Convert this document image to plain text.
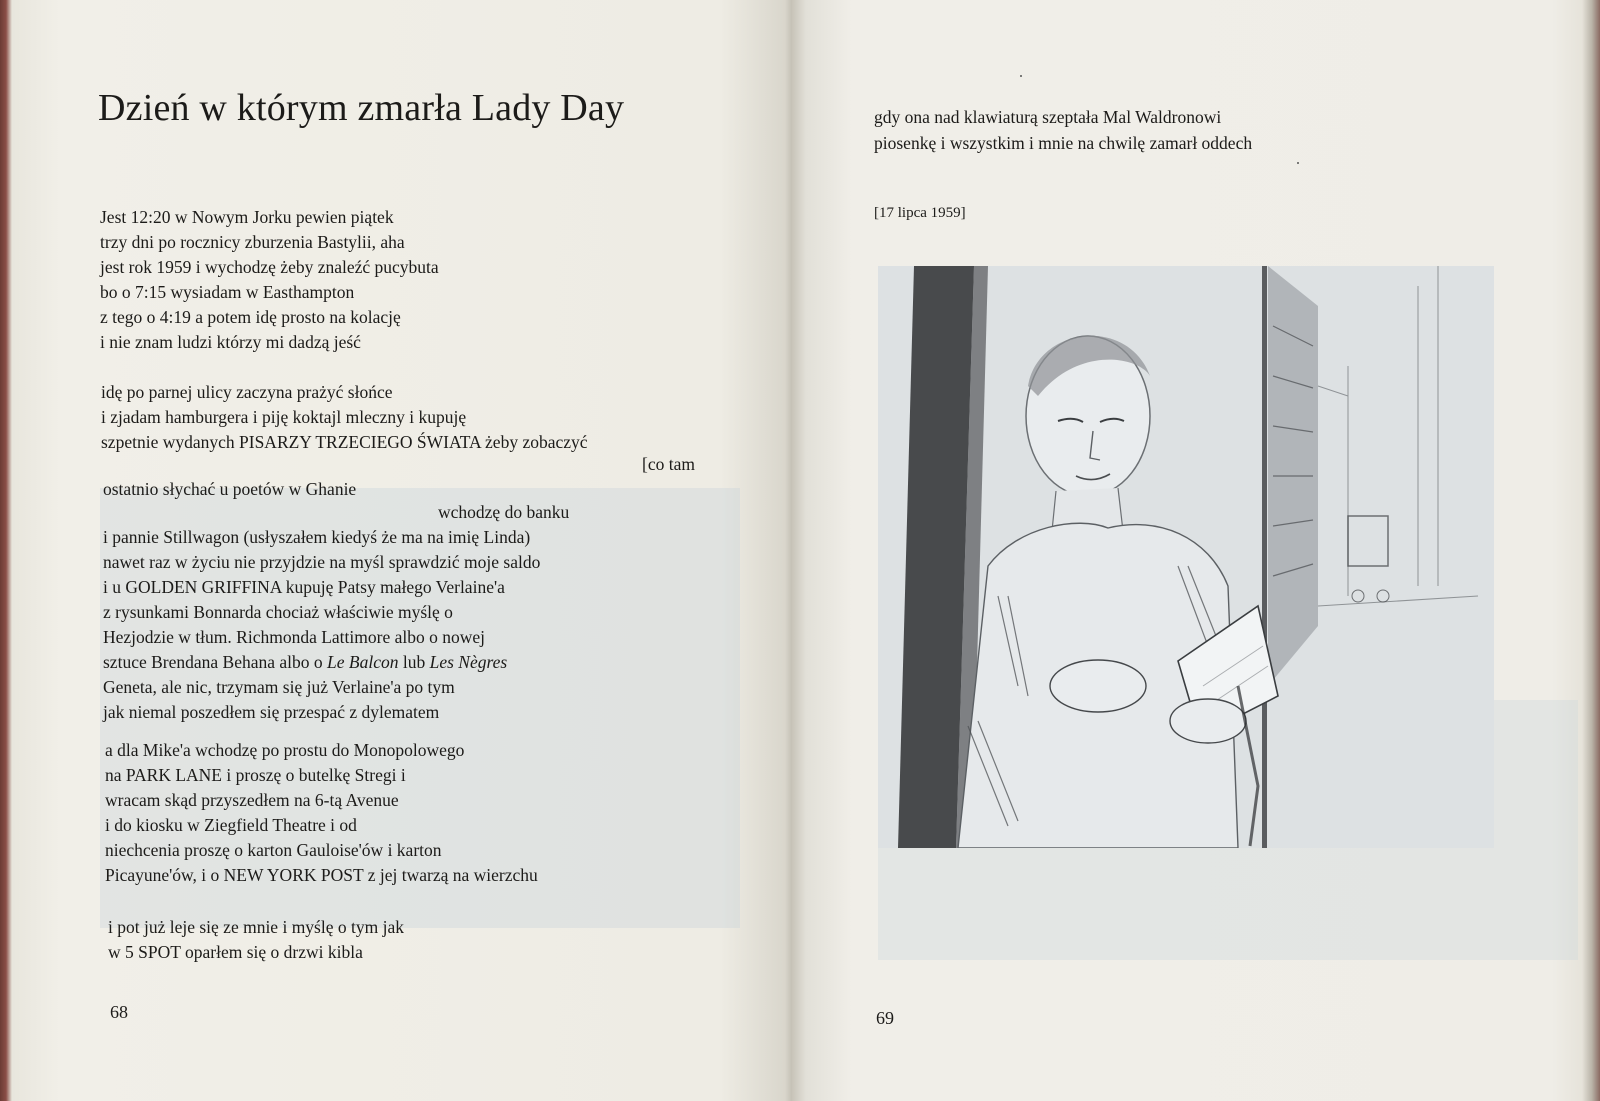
Dzień w którym zmarła Lady Day
Jest 12:20 w Nowym Jorku pewien piątek
trzy dni po rocznicy zburzenia Bastylii, aha
jest rok 1959 i wychodzę żeby znaleźć pucybuta
bo o 7:15 wysiadam w Easthampton
z tego o 4:19 a potem idę prosto na kolację
i nie znam ludzi którzy mi dadzą jeść
idę po parnej ulicy zaczyna prażyć słońce
i zjadam hamburgera i piję koktajl mleczny i kupuję
szpetnie wydanych PISARZY TRZECIEGO ŚWIATA żeby zobaczyć
[co tam
ostatnio słychać u poetów w Ghanie
wchodzę do banku
i pannie Stillwagon (usłyszałem kiedyś że ma na imię Linda)
nawet raz w życiu nie przyjdzie na myśl sprawdzić moje saldo
i u GOLDEN GRIFFINA kupuję Patsy małego Verlaine'a
z rysunkami Bonnarda chociaż właściwie myślę o
Hezjodzie w tłum. Richmonda Lattimore albo o nowej
sztuce Brendana Behana albo o Le Balcon lub Les Nègres
Geneta, ale nic, trzymam się już Verlaine'a po tym
jak niemal poszedłem się przespać z dylematem
a dla Mike'a wchodzę po prostu do Monopolowego
na PARK LANE i proszę o butelkę Stregi i
wracam skąd przyszedłem na 6-tą Avenue
i do kiosku w Ziegfield Theatre i od
niechcenia proszę o karton Gauloise'ów i karton
Picayune'ów, i o NEW YORK POST z jej twarzą na wierzchu
i pot już leje się ze mnie i myślę o tym jak
w 5 SPOT oparłem się o drzwi kibla
68
gdy ona nad klawiaturą szeptała Mal Waldronowi
piosenkę i wszystkim i mnie na chwilę zamarł oddech
[17 lipca 1959]
69
